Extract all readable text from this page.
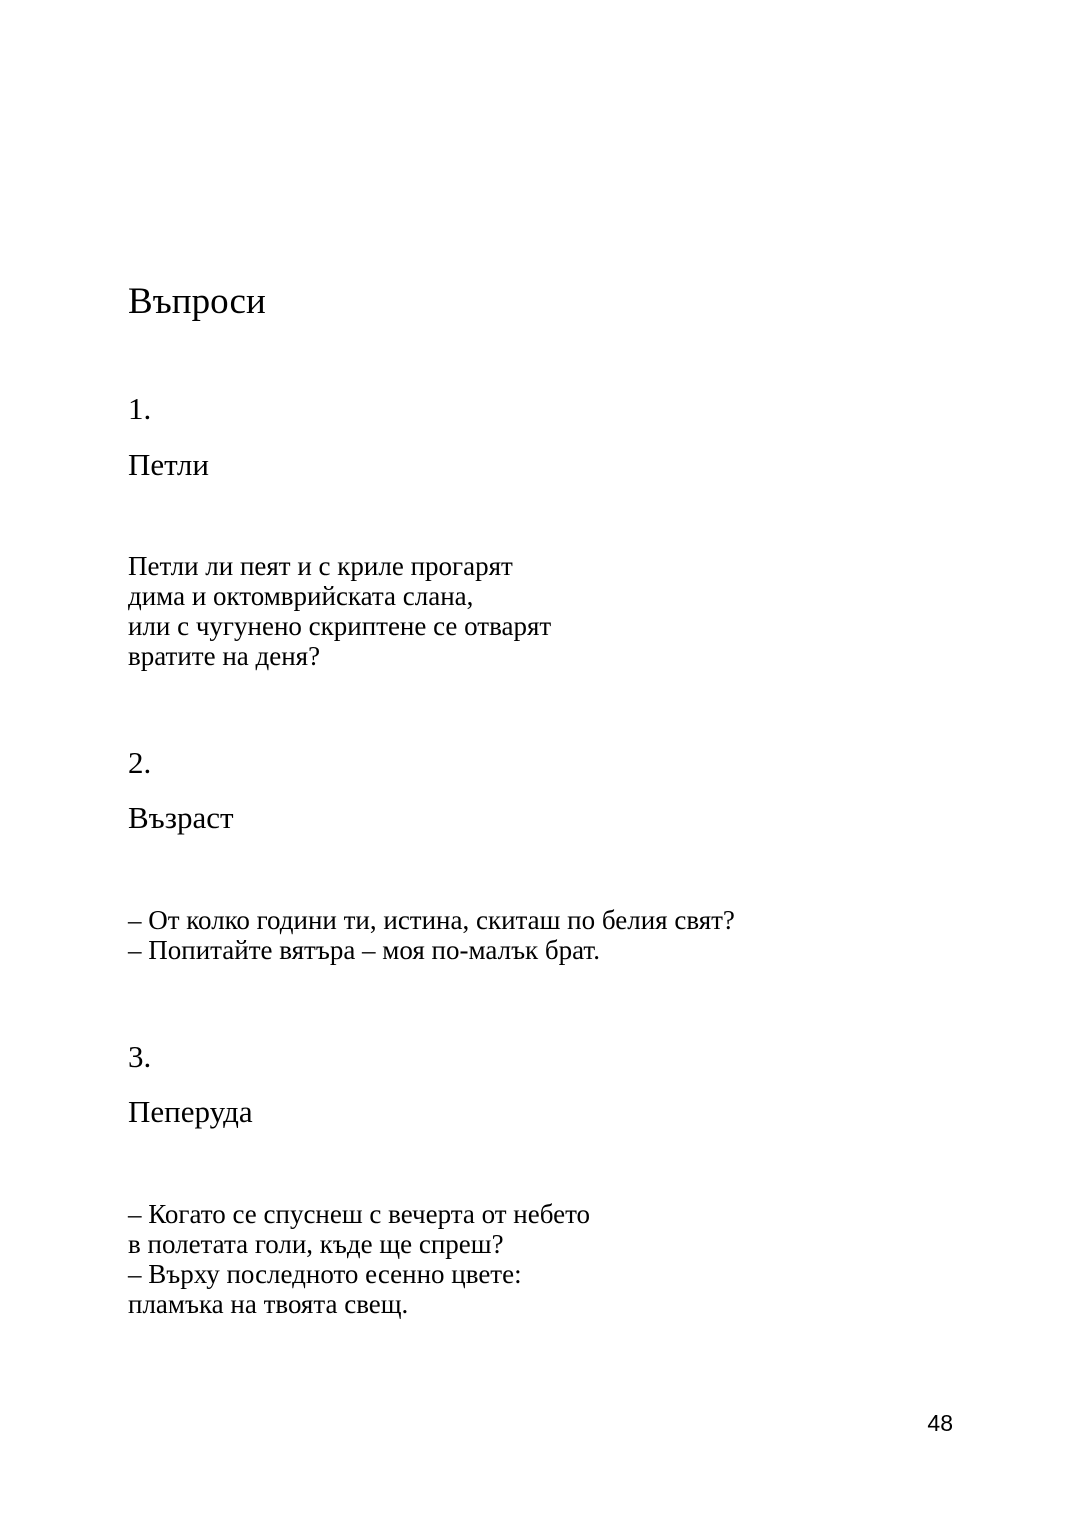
Въпроси
1.
Петли
Петли ли пеят и с криле прогарят
дима и октомврийската слана,
или с чугунено скриптене се отварят
вратите на деня?
2.
Възраст
– От колко години ти, истина, скиташ по белия свят?
– Попитайте вятъра – моя по-малък брат.
3.
Пеперуда
– Когато се спуснеш с вечерта от небето
в полетата голи, къде ще спреш?
– Върху последното есенно цвете:
пламъка на твоята свещ.
48
